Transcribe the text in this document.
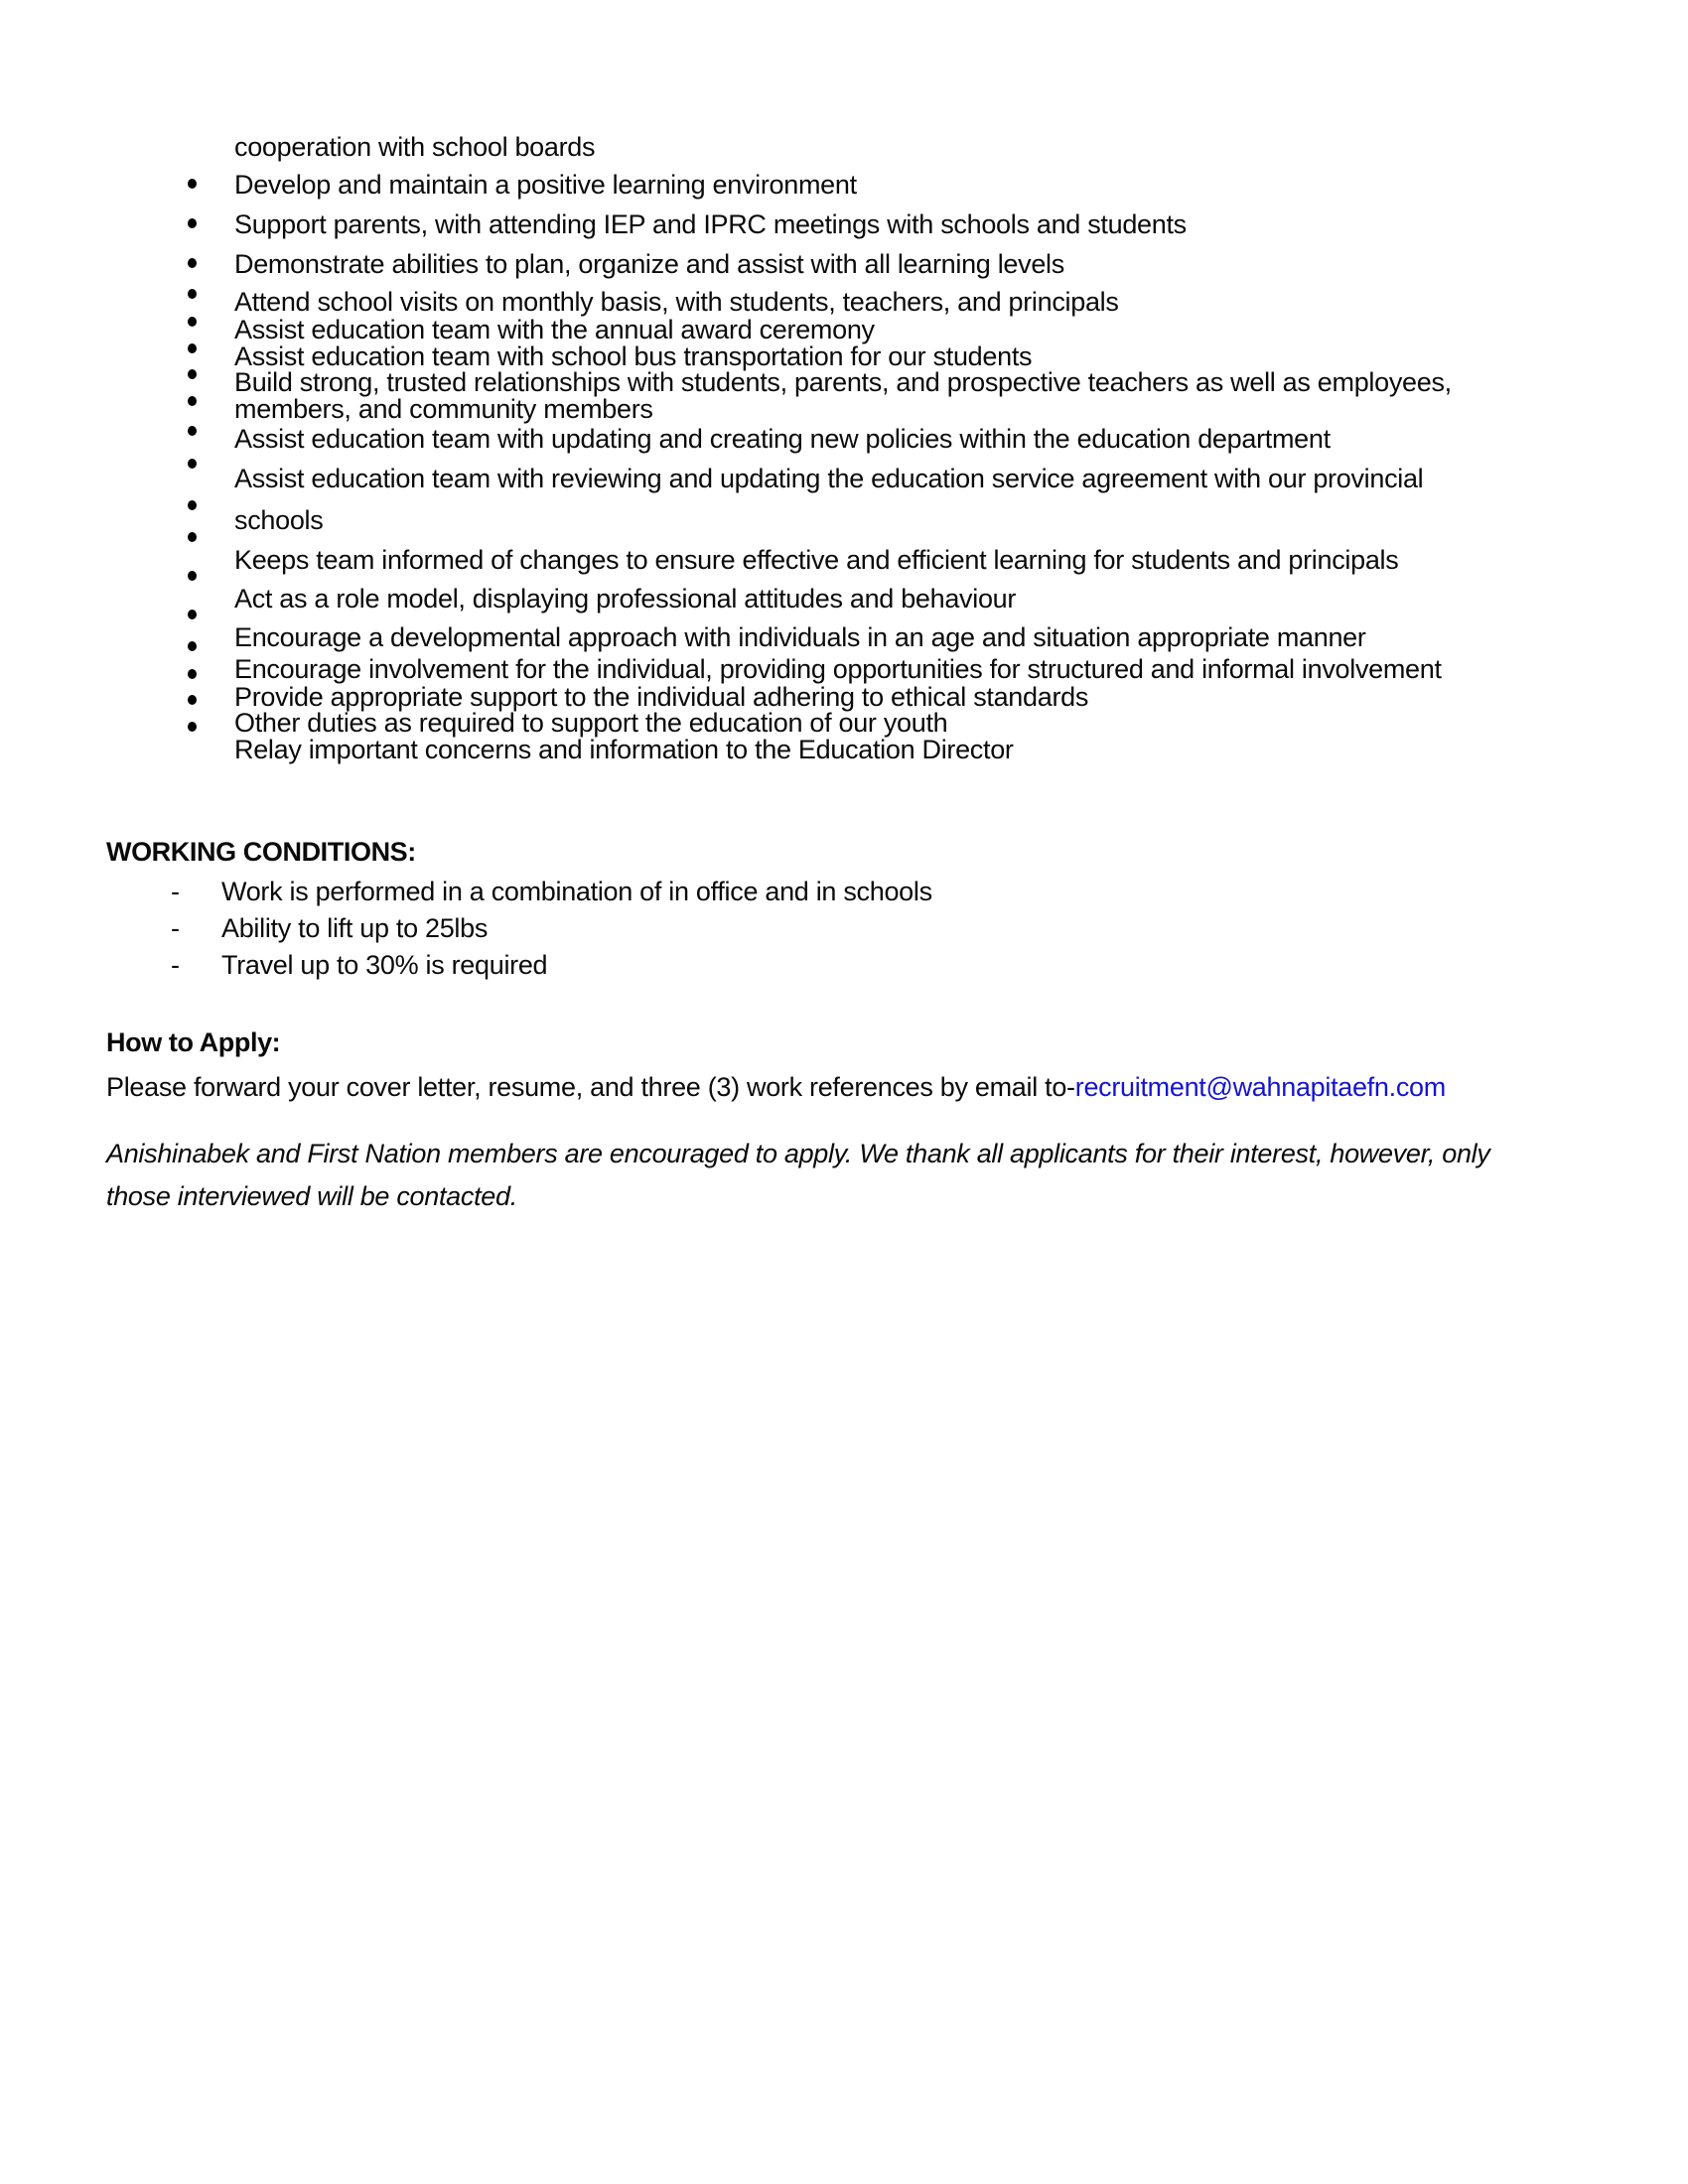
cooperation with school boards
Develop and maintain a positive learning environment
Support parents, with attending IEP and IPRC meetings with schools and students
Demonstrate abilities to plan, organize and assist with all learning levels
Attend school visits on monthly basis, with students, teachers, and principals
Assist education team with the annual award ceremony
Assist education team with school bus transportation for our students
Build strong, trusted relationships with students, parents, and prospective teachers as well as employees,
members, and community members
Assist education team with updating and creating new policies within the education department
Assist education team with reviewing and updating the education service agreement with our provincial
schools
Keeps team informed of changes to ensure effective and efficient learning for students and principals
Act as a role model, displaying professional attitudes and behaviour
Encourage a developmental approach with individuals in an age and situation appropriate manner
Encourage involvement for the individual, providing opportunities for structured and informal involvement
Provide appropriate support to the individual adhering to ethical standards
Other duties as required to support the education of our youth
Relay important concerns and information to the Education Director
WORKING CONDITIONS:
- Work is performed in a combination of in office and in schools
- Ability to lift up to 25lbs
- Travel up to 30% is required
How to Apply:
Please forward your cover letter, resume, and three (3) work references by email to-recruitment@wahnapitaefn.com
Anishinabek and First Nation members are encouraged to apply. We thank all applicants for their interest, however, only those interviewed will be contacted.
